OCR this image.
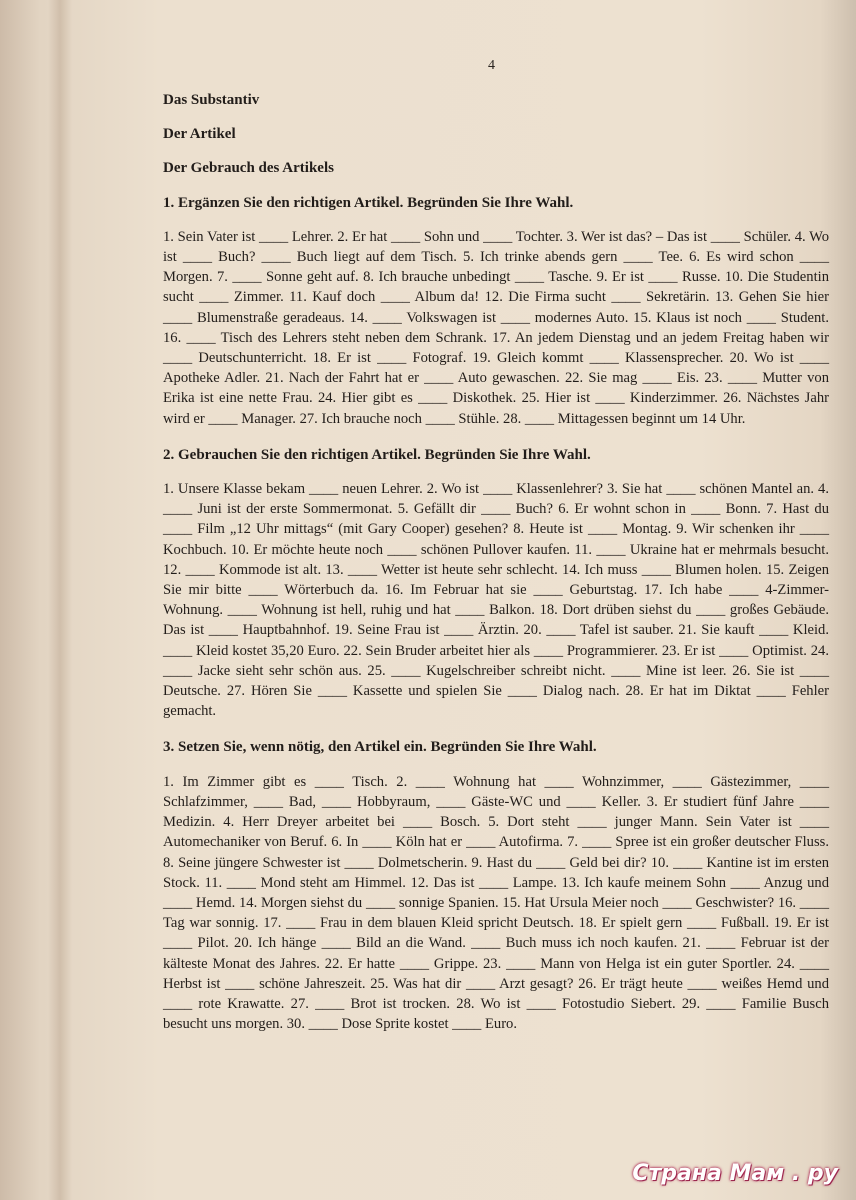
4
Das Substantiv
Der Artikel
Der Gebrauch des Artikels
1. Ergänzen Sie den richtigen Artikel. Begründen Sie Ihre Wahl.
1. Sein Vater ist ____ Lehrer. 2. Er hat ____ Sohn und ____ Tochter. 3. Wer ist das? – Das ist ____ Schüler. 4. Wo ist ____ Buch? ____ Buch liegt auf dem Tisch. 5. Ich trinke abends gern ____ Tee. 6. Es wird schon ____ Morgen. 7. ____ Sonne geht auf. 8. Ich brauche unbedingt ____ Tasche. 9. Er ist ____ Russe. 10. Die Studentin sucht ____ Zimmer. 11. Kauf doch ____ Album da! 12. Die Firma sucht ____ Sekretärin. 13. Gehen Sie hier ____ Blumenstraße geradeaus. 14. ____ Volkswagen ist ____ modernes Auto. 15. Klaus ist noch ____ Student. 16. ____ Tisch des Lehrers steht neben dem Schrank. 17. An jedem Dienstag und an jedem Freitag haben wir ____ Deutschunterricht. 18. Er ist ____ Fotograf. 19. Gleich kommt ____ Klassensprecher. 20. Wo ist ____ Apotheke Adler. 21. Nach der Fahrt hat er ____ Auto gewaschen. 22. Sie mag ____ Eis. 23. ____ Mutter von Erika ist eine nette Frau. 24. Hier gibt es ____ Diskothek. 25. Hier ist ____ Kinderzimmer. 26. Nächstes Jahr wird er ____ Manager. 27. Ich brauche noch ____ Stühle. 28. ____ Mittagessen beginnt um 14 Uhr.
2. Gebrauchen Sie den richtigen Artikel. Begründen Sie Ihre Wahl.
1. Unsere Klasse bekam ____ neuen Lehrer. 2. Wo ist ____ Klassenlehrer? 3. Sie hat ____ schönen Mantel an. 4. ____ Juni ist der erste Sommermonat. 5. Gefällt dir ____ Buch? 6. Er wohnt schon in ____ Bonn. 7. Hast du ____ Film „12 Uhr mittags“ (mit Gary Cooper) gesehen? 8. Heute ist ____ Montag. 9. Wir schenken ihr ____ Kochbuch. 10. Er möchte heute noch ____ schönen Pullover kaufen. 11. ____ Ukraine hat er mehrmals besucht. 12. ____ Kommode ist alt. 13. ____ Wetter ist heute sehr schlecht. 14. Ich muss ____ Blumen holen. 15. Zeigen Sie mir bitte ____ Wörterbuch da. 16. Im Februar hat sie ____ Geburtstag. 17. Ich habe ____ 4-Zimmer-Wohnung. ____ Wohnung ist hell, ruhig und hat ____ Balkon. 18. Dort drüben siehst du ____ großes Gebäude. Das ist ____ Hauptbahnhof. 19. Seine Frau ist ____ Ärztin. 20. ____ Tafel ist sauber. 21. Sie kauft ____ Kleid. ____ Kleid kostet 35,20 Euro. 22. Sein Bruder arbeitet hier als ____ Programmierer. 23. Er ist ____ Optimist. 24. ____ Jacke sieht sehr schön aus. 25. ____ Kugelschreiber schreibt nicht. ____ Mine ist leer. 26. Sie ist ____ Deutsche. 27. Hören Sie ____ Kassette und spielen Sie ____ Dialog nach. 28. Er hat im Diktat ____ Fehler gemacht.
3. Setzen Sie, wenn nötig, den Artikel ein. Begründen Sie Ihre Wahl.
1. Im Zimmer gibt es ____ Tisch. 2. ____ Wohnung hat ____ Wohnzimmer, ____ Gästezimmer, ____ Schlafzimmer, ____ Bad, ____ Hobbyraum, ____ Gäste-WC und ____ Keller. 3. Er studiert fünf Jahre ____ Medizin. 4. Herr Dreyer arbeitet bei ____ Bosch. 5. Dort steht ____ junger Mann. Sein Vater ist ____ Automechaniker von Beruf. 6. In ____ Köln hat er ____ Autofirma. 7. ____ Spree ist ein großer deutscher Fluss. 8. Seine jüngere Schwester ist ____ Dolmetscherin. 9. Hast du ____ Geld bei dir? 10. ____ Kantine ist im ersten Stock. 11. ____ Mond steht am Himmel. 12. Das ist ____ Lampe. 13. Ich kaufe meinem Sohn ____ Anzug und ____ Hemd. 14. Morgen siehst du ____ sonnige Spanien. 15. Hat Ursula Meier noch ____ Geschwister? 16. ____ Tag war sonnig. 17. ____ Frau in dem blauen Kleid spricht Deutsch. 18. Er spielt gern ____ Fußball. 19. Er ist ____ Pilot. 20. Ich hänge ____ Bild an die Wand. ____ Buch muss ich noch kaufen. 21. ____ Februar ist der kälteste Monat des Jahres. 22. Er hatte ____ Grippe. 23. ____ Mann von Helga ist ein guter Sportler. 24. ____ Herbst ist ____ schöne Jahreszeit. 25. Was hat dir ____ Arzt gesagt? 26. Er trägt heute ____ weißes Hemd und ____ rote Krawatte. 27. ____ Brot ist trocken. 28. Wo ist ____ Fotostudio Siebert. 29. ____ Familie Busch besucht uns morgen. 30. ____ Dose Sprite kostet ____ Euro.
Страна Мам . ру
